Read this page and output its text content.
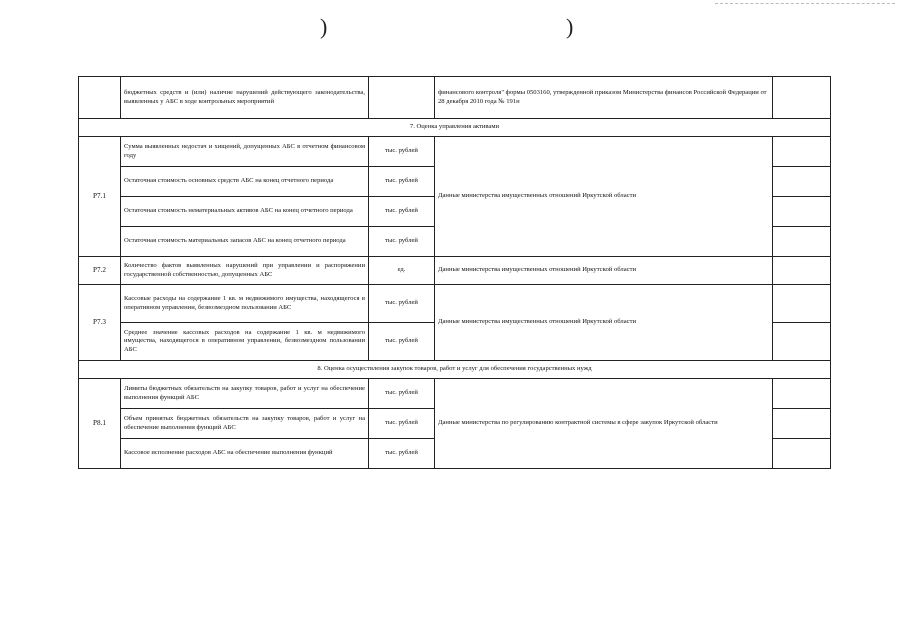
)	)
	бюджетных средств и (или) наличие нарушений действующего законодательства, выявленных у АБС в ходе контрольных мероприятий		финансового контроля" формы 0503160, утвержденной приказом Министерства финансов Российской Федерации от 28 декабря 2010 года № 191н	
7. Оценка управления активами				
Р7.1	Сумма выявленных недостач и хищений, допущенных АБС в отчетном финансовом году	тыс. рублей	Данные министерства имущественных отношений Иркутской области	
	Остаточная стоимость основных средств АБС на конец отчетного периода	тыс. рублей		
	Остаточная стоимость нематериальных активов АБС на конец отчетного периода	тыс. рублей		
	Остаточная стоимость материальных запасов АБС на конец отчетного периода	тыс. рублей		
Р7.2	Количество фактов выявленных нарушений при управлении и распоряжении государственной собственностью, допущенных АБС	ед.	Данные министерства имущественных отношений Иркутской области	
Р7.3	Кассовые расходы на содержание 1 кв. м недвижимого имущества, находящегося в оперативном управлении, безвозмездном пользовании АБС	тыс. рублей	Данные министерства имущественных отношений Иркутской области	
	Среднее значение кассовых расходов на содержание 1 кв. м недвижимого имущества, находящегося в оперативном управлении, безвозмездном пользовании АБС	тыс. рублей		
8. Оценка осуществления закупок товаров, работ и услуг для обеспечения государственных нужд				
Р8.1	Лимиты бюджетных обязательств на закупку товаров, работ и услуг на обеспечение выполнения функций АБС	тыс. рублей	Данные министерства по регулированию контрактной системы в сфере закупок Иркутской области	
	Объем принятых бюджетных обязательств на закупку товаров, работ и услуг на обеспечение выполнения функций АБС	тыс. рублей		
	Кассовое исполнение расходов АБС на обеспечение выполнения функций	тыс. рублей		
